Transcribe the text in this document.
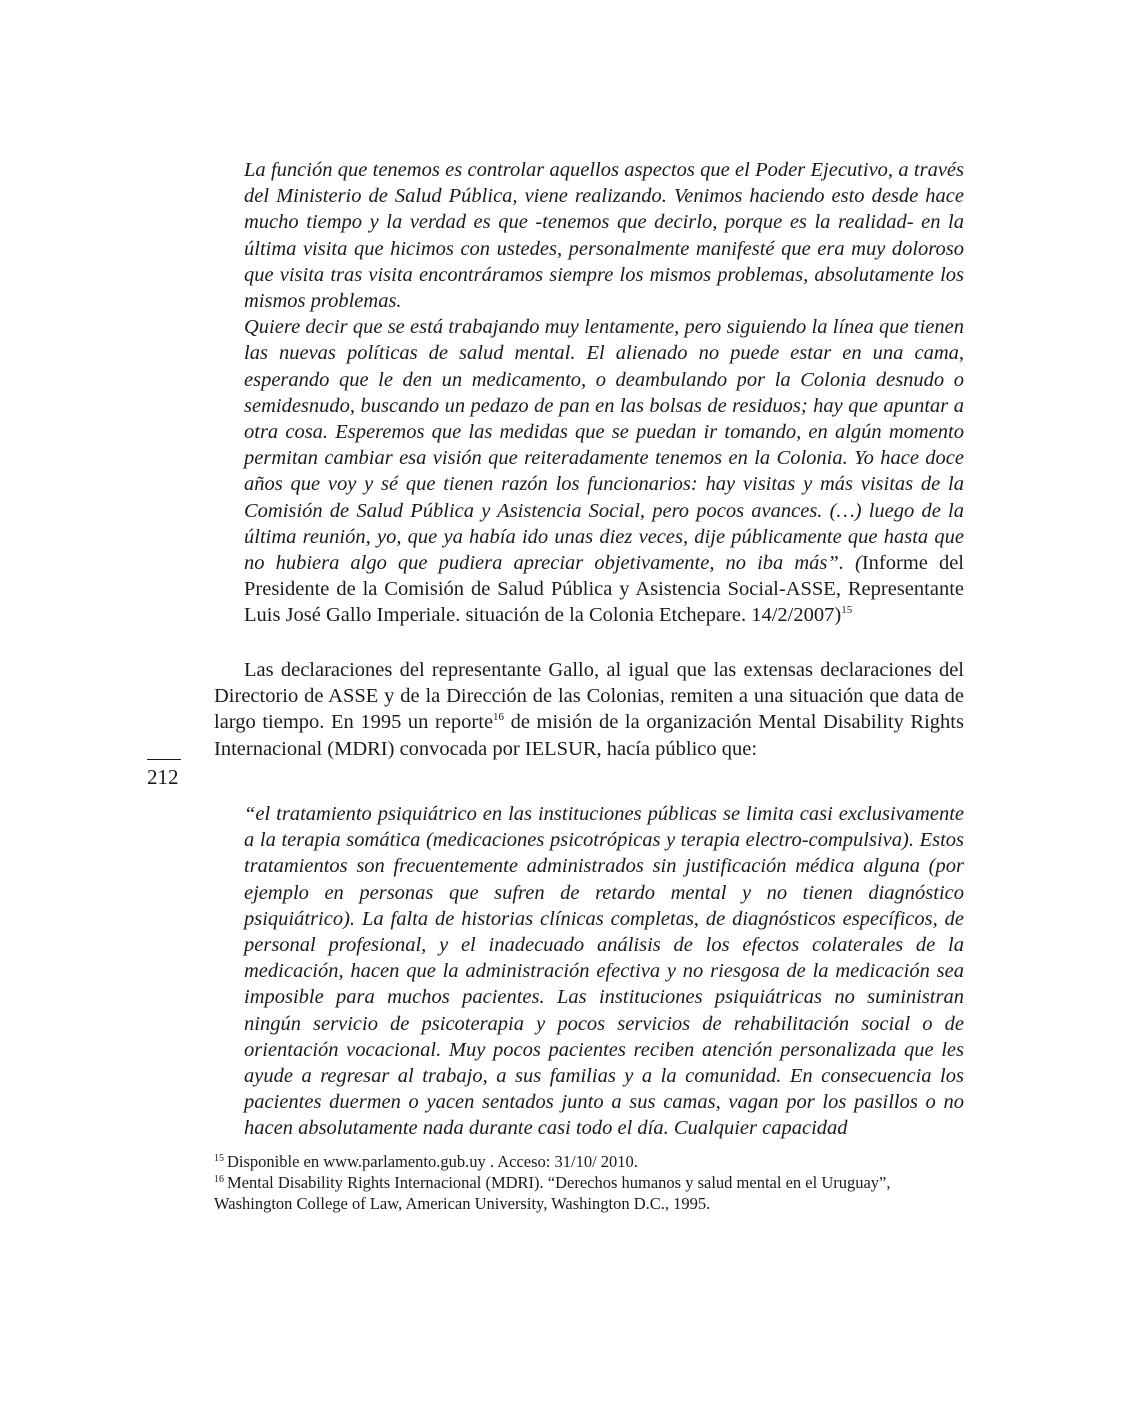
La función que tenemos es controlar aquellos aspectos que el Poder Ejecutivo, a través del Ministerio de Salud Pública, viene realizando. Venimos haciendo esto desde hace mucho tiempo y la verdad es que -tenemos que decirlo, porque es la realidad- en la última visita que hicimos con ustedes, personalmente manifesté que era muy doloroso que visita tras visita encontráramos siempre los mismos problemas, absolutamente los mismos problemas.

Quiere decir que se está trabajando muy lentamente, pero siguiendo la línea que tienen las nuevas políticas de salud mental. El alienado no puede estar en una cama, esperando que le den un medicamento, o deambulando por la Colonia desnudo o semidesnudo, buscando un pedazo de pan en las bolsas de residuos; hay que apuntar a otra cosa. Esperemos que las medidas que se puedan ir tomando, en algún momento permitan cambiar esa visión que reiteradamente tenemos en la Colonia. Yo hace doce años que voy y sé que tienen razón los funcionarios: hay visitas y más visitas de la Comisión de Salud Pública y Asistencia Social, pero pocos avances. (…) luego de la última reunión, yo, que ya había ido unas diez veces, dije públicamente que hasta que no hubiera algo que pudiera apreciar objetivamente, no iba más”. (Informe del Presidente de la Comisión de Salud Pública y Asistencia Social-ASSE, Representante Luis José Gallo Imperiale. situación de la Colonia Etchepare. 14/2/2007)$^{15}$

Las declaraciones del representante Gallo, al igual que las extensas declaraciones del Directorio de ASSE y de la Dirección de las Colonias, remiten a una situación que data de largo tiempo. En 1995 un reporte$^{16}$ de misión de la organización Mental Disability Rights Internacional (MDRI) convocada por IELSUR, hacía público que:

212

“el tratamiento psiquiátrico en las instituciones públicas se limita casi exclusivamente a la terapia somática (medicaciones psicotrópicas y terapia electro-compulsiva). Estos tratamientos son frecuentemente administrados sin justificación médica alguna (por ejemplo en personas que sufren de retardo mental y no tienen diagnóstico psiquiátrico). La falta de historias clínicas completas, de diagnósticos específicos, de personal profesional, y el inadecuado análisis de los efectos colaterales de la medicación, hacen que la administración efectiva y no riesgosa de la medicación sea imposible para muchos pacientes. Las instituciones psiquiátricas no suministran ningún servicio de psicoterapia y pocos servicios de rehabilitación social o de orientación vocacional. Muy pocos pacientes reciben atención personalizada que les ayude a regresar al trabajo, a sus familias y a la comunidad. En consecuencia los pacientes duermen o yacen sentados junto a sus camas, vagan por los pasillos o no hacen absolutamente nada durante casi todo el día. Cualquier capacidad

$^{15}$ Disponible en www.parlamento.gub.uy . Acceso: 31/10/ 2010.

$^{16}$ Mental Disability Rights Internacional (MDRI). “Derechos humanos y salud mental en el Uruguay”, Washington College of Law, American University, Washington D.C., 1995.
